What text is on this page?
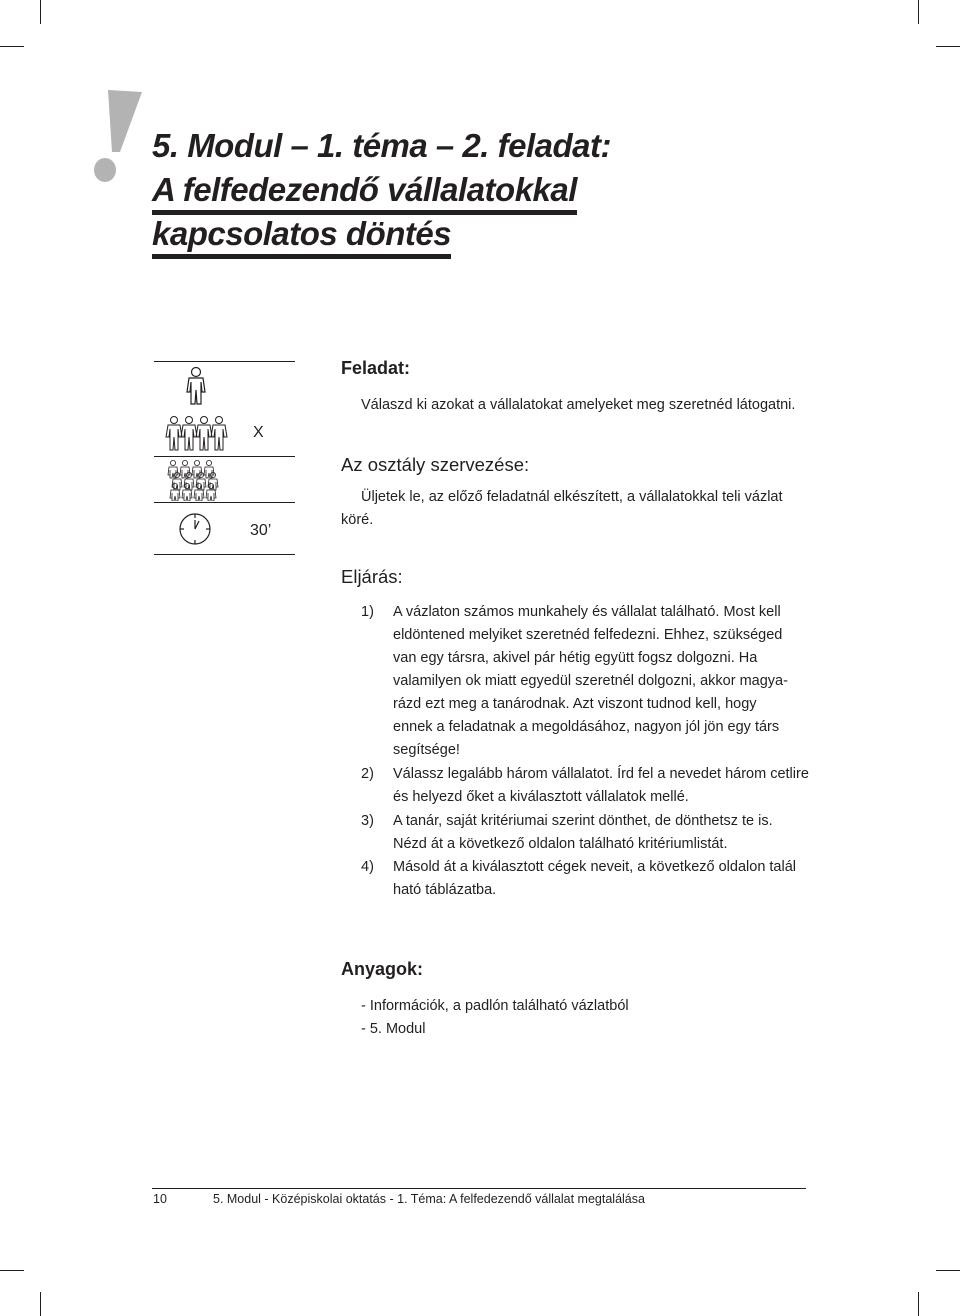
5. Modul – 1. téma – 2. feladat:
A felfedezendő vállalatokkal
kapcsolatos döntés
X
30’
Feladat:
Válaszd ki azokat a vállalatokat amelyeket meg szeretnéd látogatni.
Az osztály szervezése:
Üljetek le, az előző feladatnál elkészített, a vállalatokkal teli vázlat
köré.
Eljárás:
1) A vázlaton számos munkahely és vállalat található. Most kell
eldöntened melyiket szeretnéd felfedezni. Ehhez, szükséged
van egy társra, akivel pár hétig együtt fogsz dolgozni. Ha
valamilyen ok miatt egyedül szeretnél dolgozni, akkor magya-
rázd ezt meg a tanárodnak. Azt viszont tudnod kell, hogy
ennek a feladatnak a megoldásához, nagyon jól jön egy társ
segítsége!
2) Válassz legalább három vállalatot. Írd fel a nevedet három cetlire
és helyezd őket a kiválasztott vállalatok mellé.
3) A tanár, saját kritériumai szerint dönthet, de dönthetsz te is.
Nézd át a következő oldalon található kritériumlistát.
4) Másold át a kiválasztott cégek neveit, a következő oldalon talál
ható táblázatba.
Anyagok:
- Információk, a padlón található vázlatból
- 5. Modul
10	5. Modul - Középiskolai oktatás - 1. Téma: A felfedezendő vállalat megtalálása
